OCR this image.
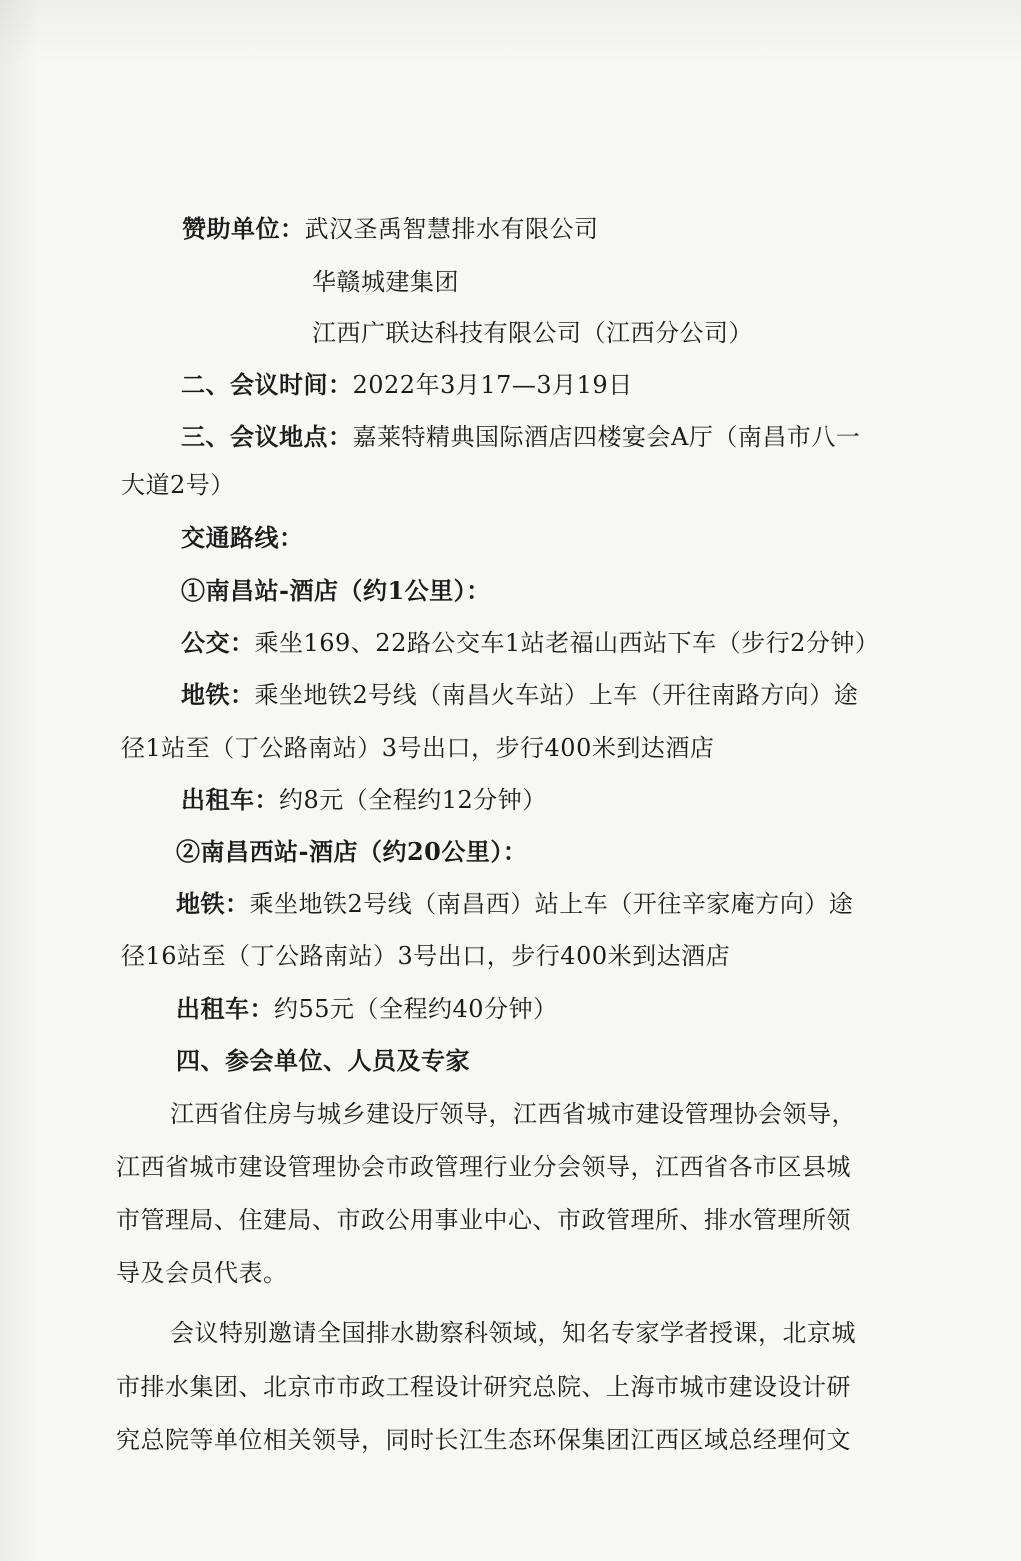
赞助单位：武汉圣禹智慧排水有限公司
华赣城建集团
江西广联达科技有限公司（江西分公司）
二、会议时间：2022年3月17—3月19日
三、会议地点：嘉莱特精典国际酒店四楼宴会A厅（南昌市八一
大道2号）
交通路线：
①南昌站-酒店（约1公里）：
公交：乘坐169、22路公交车1站老福山西站下车（步行2分钟）
地铁：乘坐地铁2号线（南昌火车站）上车（开往南路方向）途
径1站至（丁公路南站）3号出口，步行400米到达酒店
出租车：约8元（全程约12分钟）
②南昌西站-酒店（约20公里）：
地铁：乘坐地铁2号线（南昌西）站上车（开往辛家庵方向）途
径16站至（丁公路南站）3号出口，步行400米到达酒店
出租车：约55元（全程约40分钟）
四、参会单位、人员及专家
江西省住房与城乡建设厅领导，江西省城市建设管理协会领导，
江西省城市建设管理协会市政管理行业分会领导，江西省各市区县城
市管理局、住建局、市政公用事业中心、市政管理所、排水管理所领
导及会员代表。
会议特别邀请全国排水勘察科领域，知名专家学者授课，北京城
市排水集团、北京市市政工程设计研究总院、上海市城市建设设计研
究总院等单位相关领导，同时长江生态环保集团江西区域总经理何文
